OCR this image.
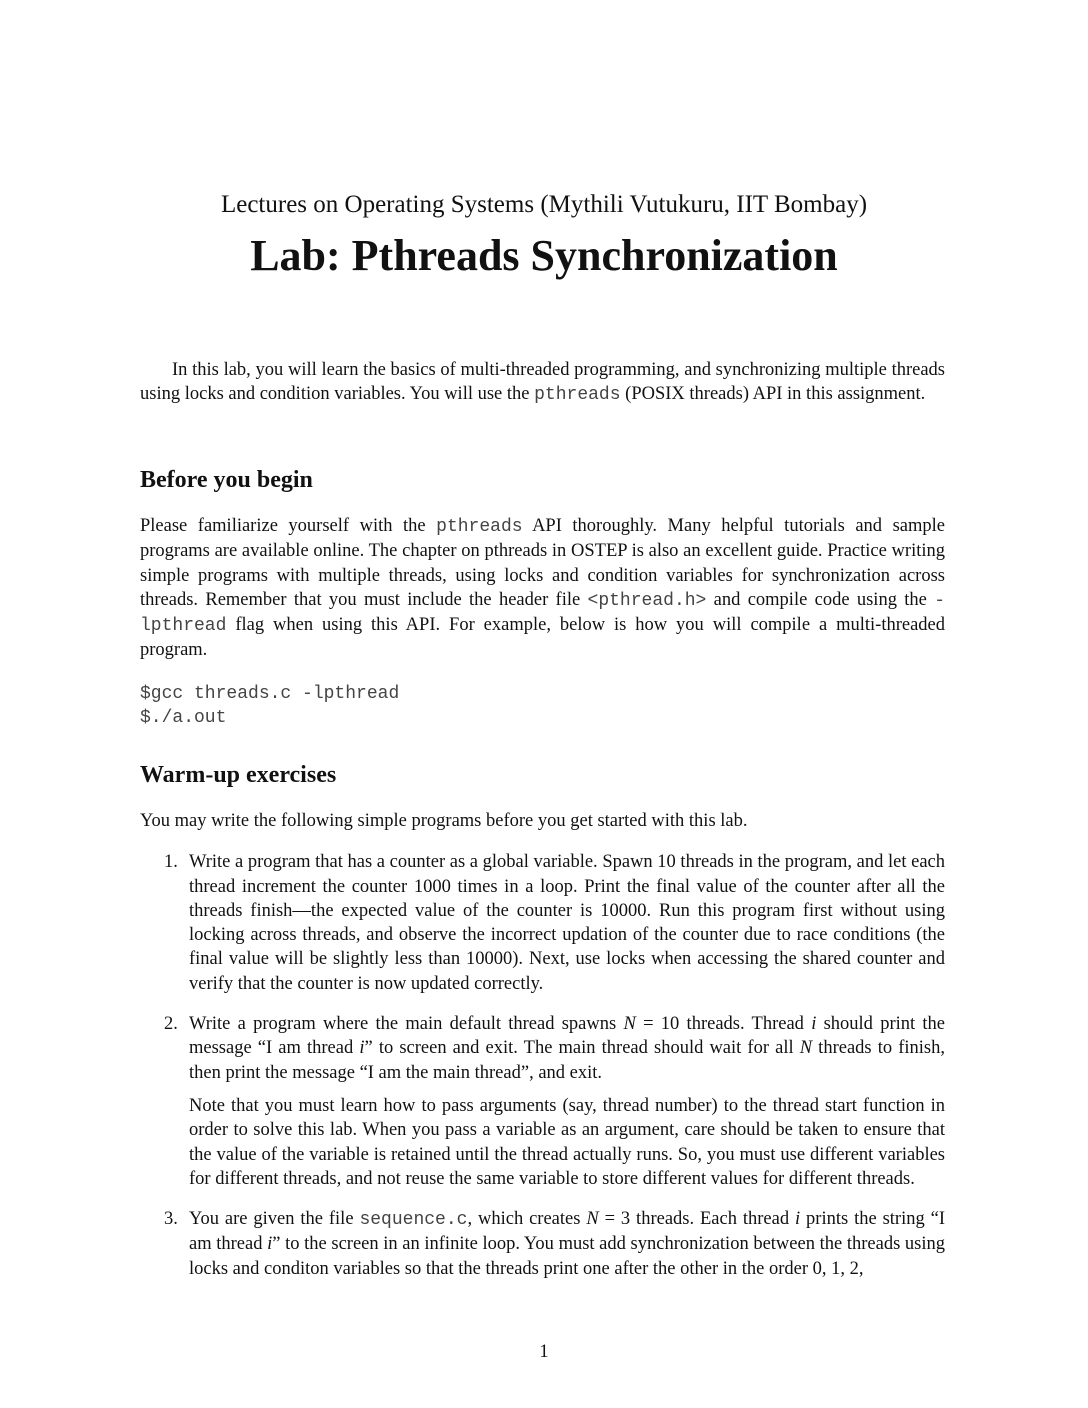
Lectures on Operating Systems (Mythili Vutukuru, IIT Bombay)
Lab: Pthreads Synchronization

In this lab, you will learn the basics of multi-threaded programming, and synchronizing multiple threads using locks and condition variables. You will use the pthreads (POSIX threads) API in this assignment.

Before you begin

Please familiarize yourself with the pthreads API thoroughly. Many helpful tutorials and sample programs are available online. The chapter on pthreads in OSTEP is also an excellent guide. Practice writing simple programs with multiple threads, using locks and condition variables for synchronization across threads. Remember that you must include the header file <pthread.h> and compile code using the -lpthread flag when using this API. For example, below is how you will compile a multi-threaded program.

$gcc threads.c -lpthread
$./a.out
Warm-up exercises

You may write the following simple programs before you get started with this lab.

1. Write a program that has a counter as a global variable. Spawn 10 threads in the program, and let each thread increment the counter 1000 times in a loop. Print the final value of the counter after all the threads finish—the expected value of the counter is 10000. Run this program first without using locking across threads, and observe the incorrect updation of the counter due to race conditions (the final value will be slightly less than 10000). Next, use locks when accessing the shared counter and verify that the counter is now updated correctly.

2. Write a program where the main default thread spawns N = 10 threads. Thread i should print the message “I am thread i” to screen and exit. The main thread should wait for all N threads to finish, then print the message “I am the main thread”, and exit.

Note that you must learn how to pass arguments (say, thread number) to the thread start function in order to solve this lab. When you pass a variable as an argument, care should be taken to ensure that the value of the variable is retained until the thread actually runs. So, you must use different variables for different threads, and not reuse the same variable to store different values for different threads.

3. You are given the file sequence.c, which creates N = 3 threads. Each thread i prints the string “I am thread i” to the screen in an infinite loop. You must add synchronization between the threads using locks and conditon variables so that the threads print one after the other in the order 0, 1, 2,

1
